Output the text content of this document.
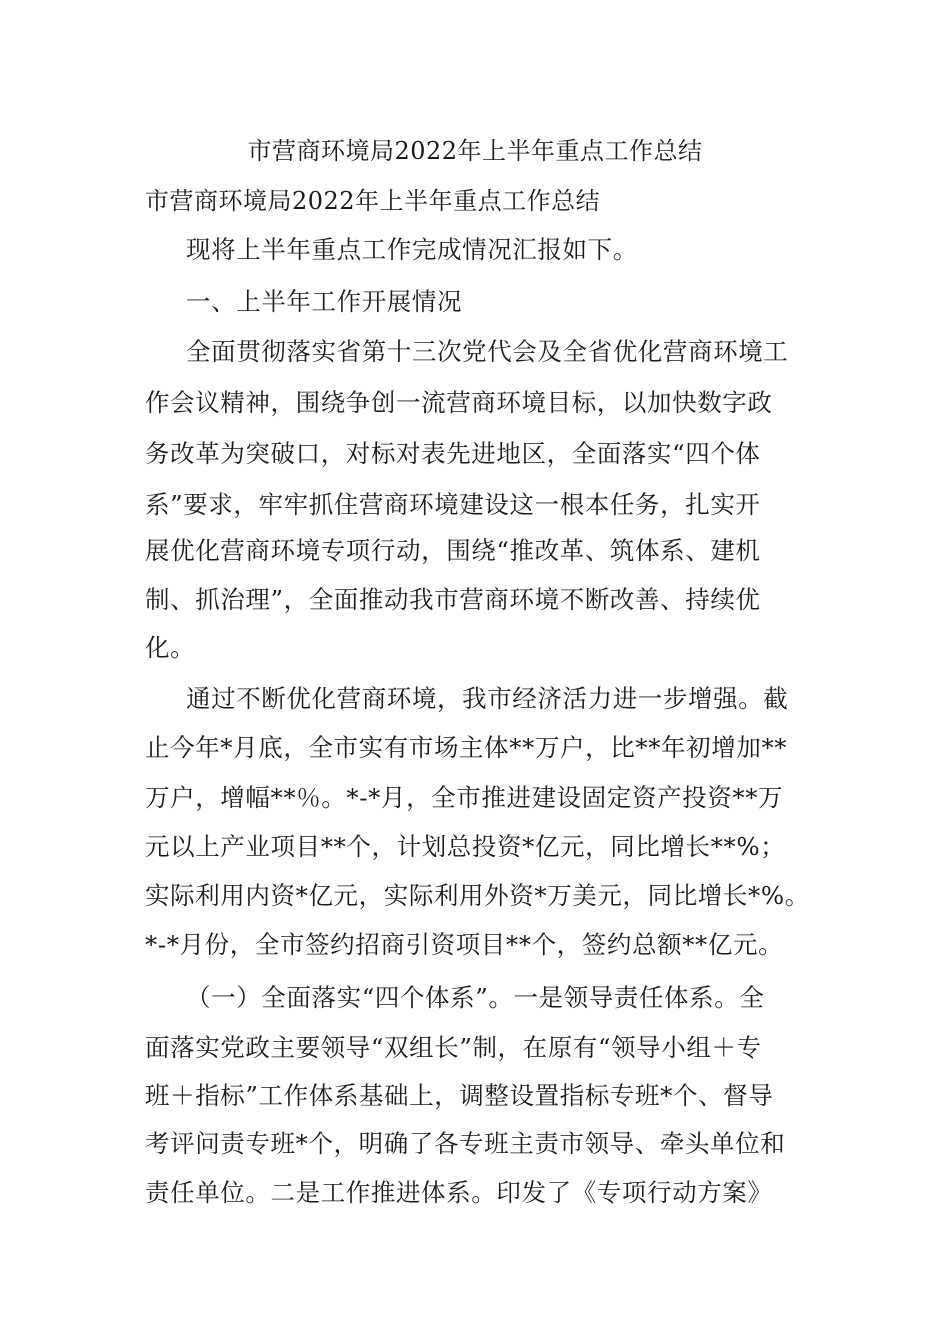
市营商环境局2022年上半年重点工作总结
市营商环境局2022年上半年重点工作总结
现将上半年重点工作完成情况汇报如下。
一、上半年工作开展情况
全面贯彻落实省第十三次党代会及全省优化营商环境工
作会议精神，围绕争创一流营商环境目标，以加快数字政
务改革为突破口，对标对表先进地区，全面落实“四个体
系”要求，牢牢抓住营商环境建设这一根本任务，扎实开
展优化营商环境专项行动，围绕“推改革、筑体系、建机
制、抓治理”，全面推动我市营商环境不断改善、持续优
化。
通过不断优化营商环境，我市经济活力进一步增强。截
止今年*月底，全市实有市场主体**万户，比**年初增加**
万户，增幅**％。*-*月，全市推进建设固定资产投资**万
元以上产业项目**个，计划总投资*亿元，同比增长**%；
实际利用内资*亿元，实际利用外资*万美元，同比增长*%。
*-*月份，全市签约招商引资项目**个，签约总额**亿元。
（一）全面落实“四个体系”。一是领导责任体系。全
面落实党政主要领导“双组长”制，在原有“领导小组＋专
班＋指标”工作体系基础上，调整设置指标专班*个、督导
考评问责专班*个，明确了各专班主责市领导、牵头单位和
责任单位。二是工作推进体系。印发了《专项行动方案》
